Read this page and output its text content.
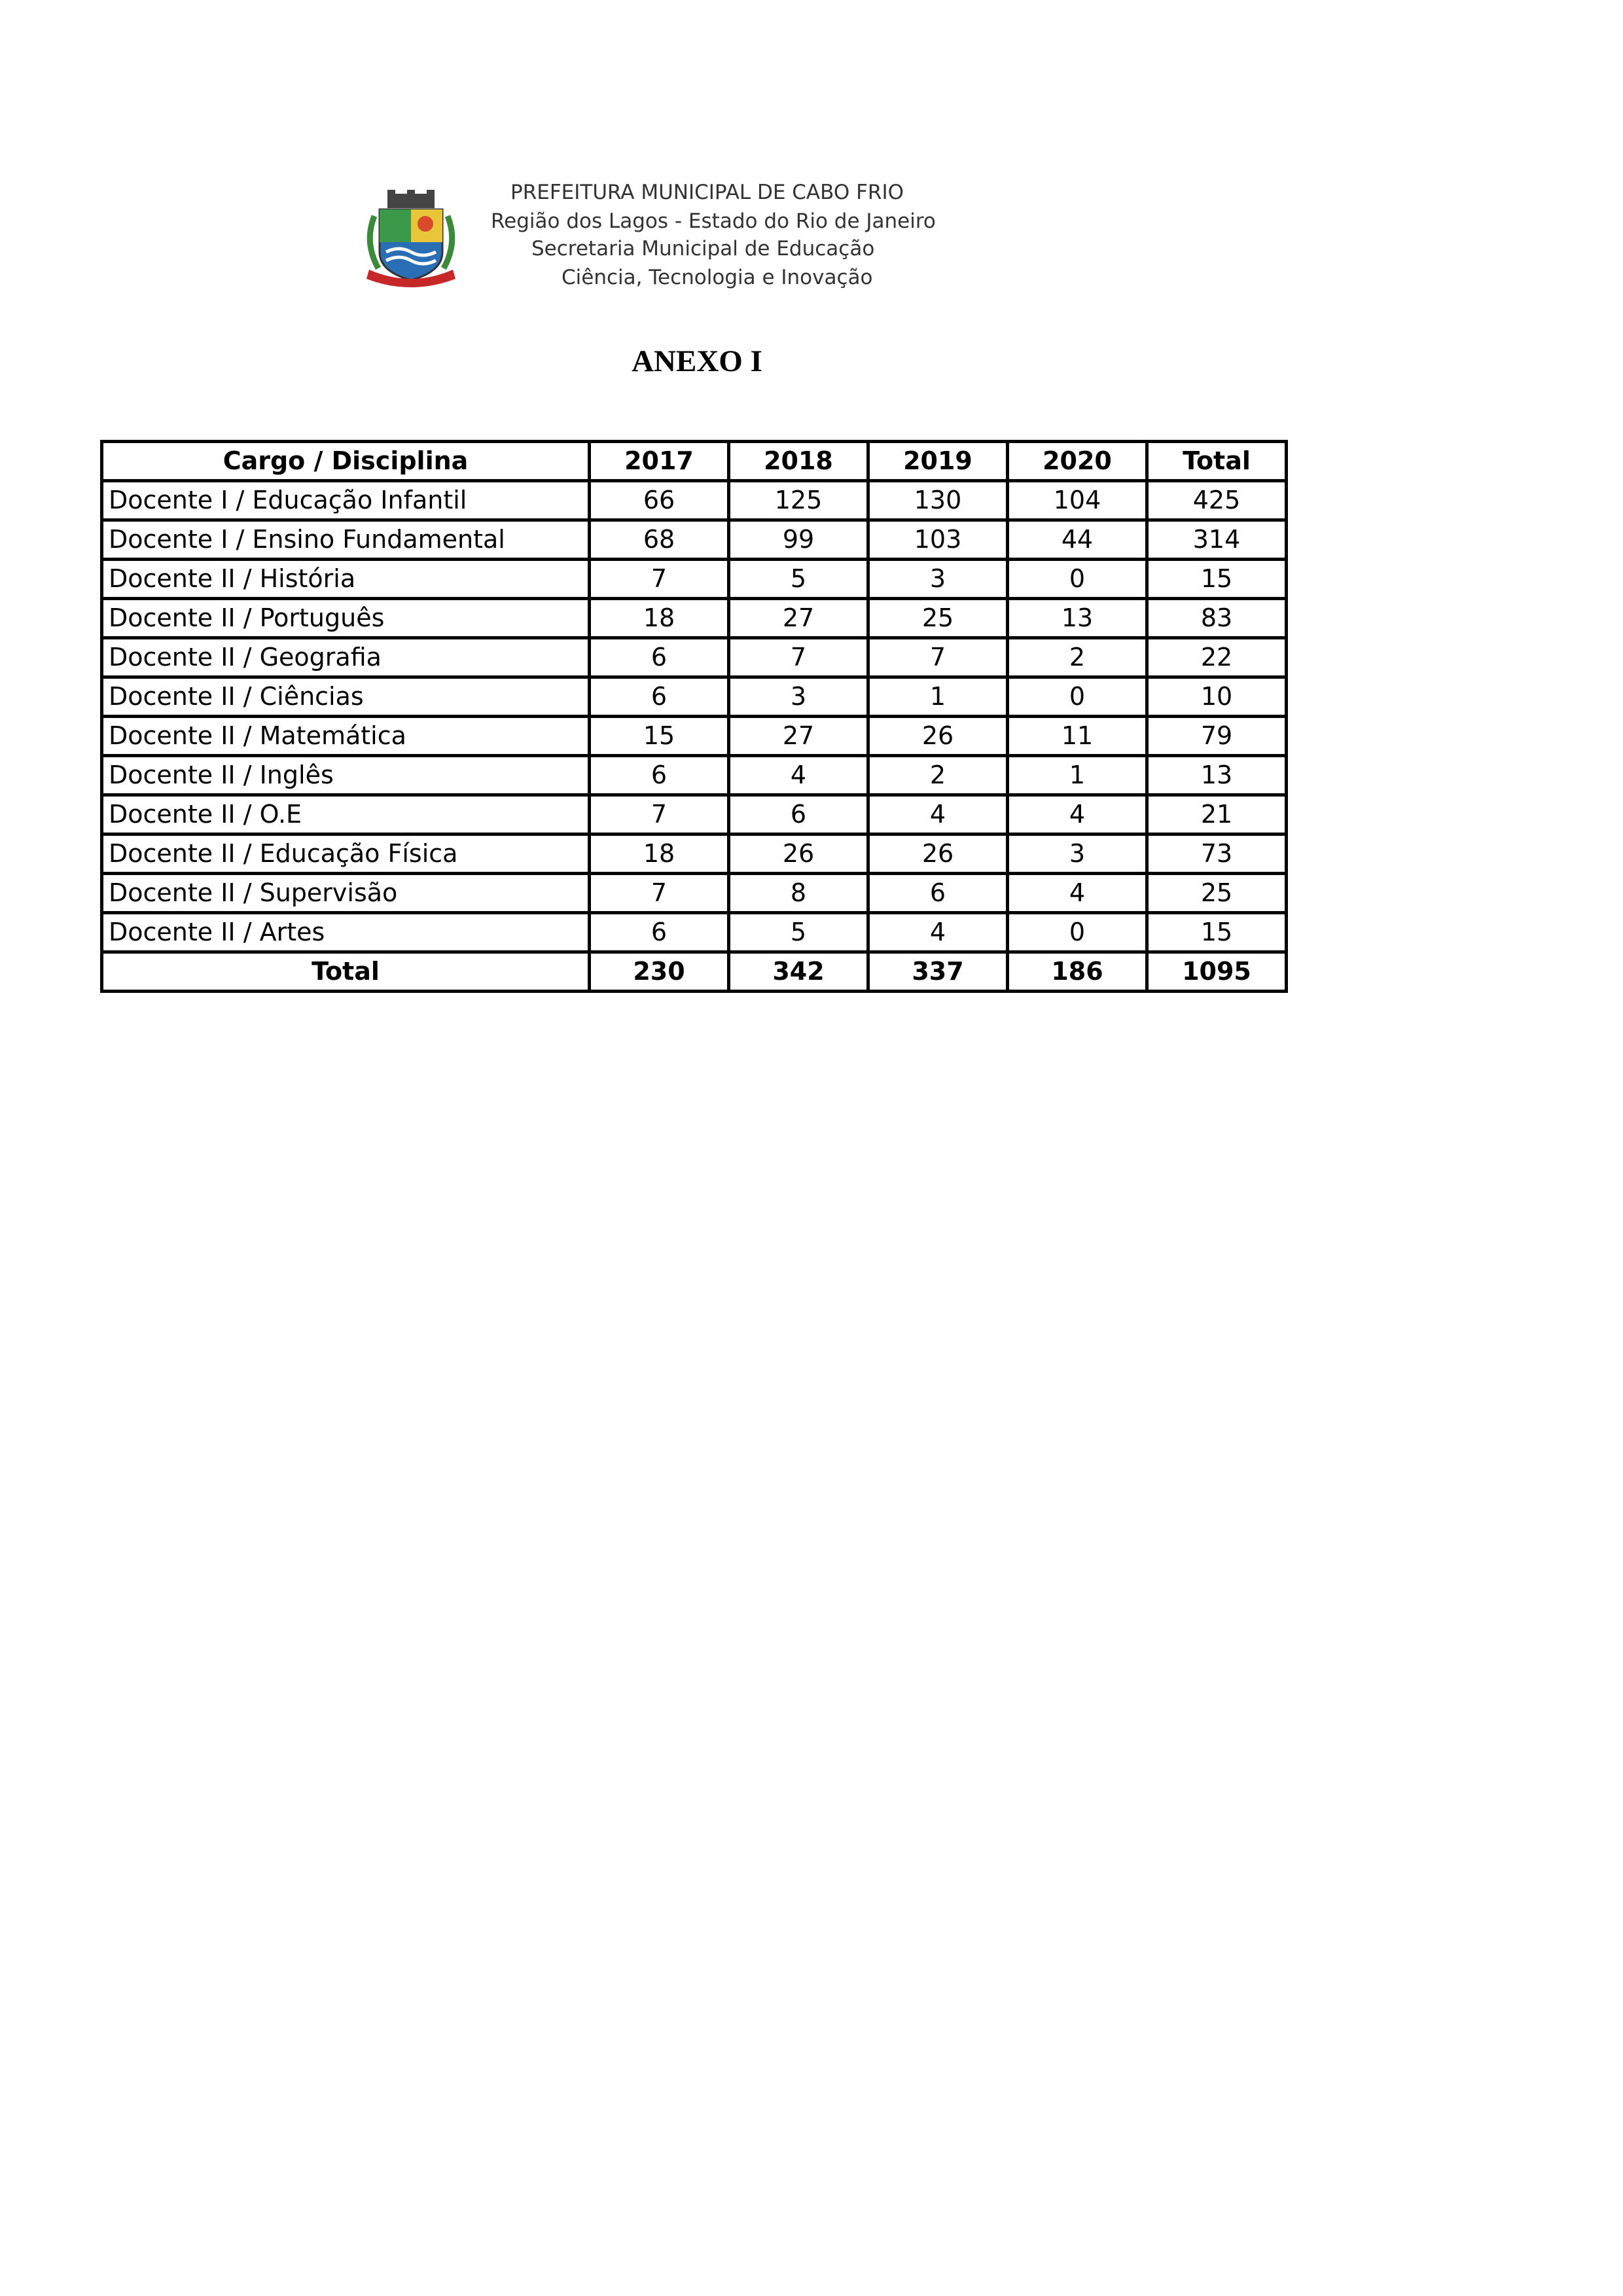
PREFEITURA MUNICIPAL DE CABO FRIO
Região dos Lagos - Estado do Rio de Janeiro
Secretaria Municipal de Educação
Ciência, Tecnologia e Inovação
ANEXO I
Cargo / Disciplina	2017	2018	2019	2020	Total
Docente I / Educação Infantil	66	125	130	104	425
Docente I / Ensino Fundamental	68	99	103	44	314
Docente II / História	7	5	3	0	15
Docente II / Português	18	27	25	13	83
Docente II / Geografia	6	7	7	2	22
Docente II / Ciências	6	3	1	0	10
Docente II / Matemática	15	27	26	11	79
Docente II / Inglês	6	4	2	1	13
Docente II / O.E	7	6	4	4	21
Docente II / Educação Física	18	26	26	3	73
Docente II / Supervisão	7	8	6	4	25
Docente II / Artes	6	5	4	0	15
Total	230	342	337	186	1095
